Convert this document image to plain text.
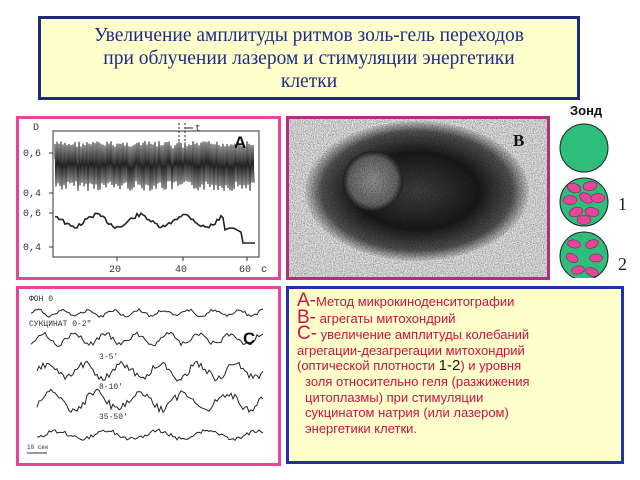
Увеличение амплитуды ритмов золь-гель переходов
при облучении лазером и стимуляции энергетики
клетки
D
0,6
0,4
0,6
0,4
20	40	60 с
t
A	B
ФОН 0
СУКЦИНАТ 0-2"
3-5'
8-10'
35-50'
10 сек
C
Зонд
1
2
A-Метод микрокиноденситографии
B- агрегаты митохондрий
C- увеличение амплитуды колебаний
агрегации-дезагрегации митохондрий
(оптической плотности 1-2) и уровня
золя относительно геля (разжижения
цитоплазмы) при стимуляции
сукцинатом натрия (или лазером)
энергетики клетки.
